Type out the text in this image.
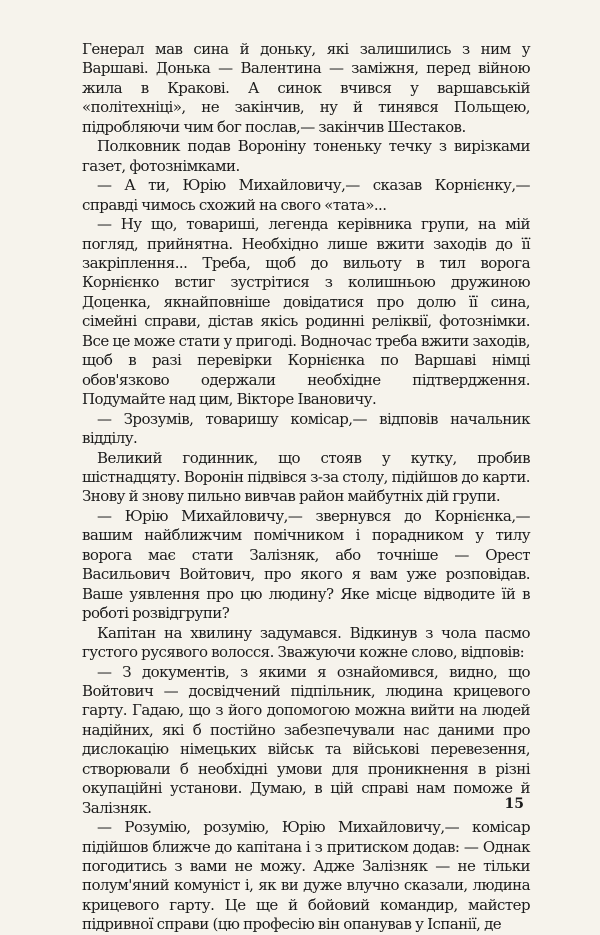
Генерал мав сина й доньку, які залишились з ним у Варшаві. Донька — Валентина — заміжня, перед війною жила в Кракові. А синок вчився у варшавській «політехніці», не закінчив, ну й тинявся Польщею, підробляючи чим бог послав,— закінчив Шестаков.

Полковник подав Вороніну тоненьку течку з вирізками газет, фотознімками.

— А ти, Юрію Михайловичу,— сказав Корнієнку,— справді чимось схожий на свого «тата»...

— Ну що, товариші, легенда керівника групи, на мій погляд, прийнятна. Необхідно лише вжити заходів до її закріплення... Треба, щоб до вильоту в тил ворога Корнієнко встиг зустрітися з колишньою дружиною Доценка, якнайповніше довідатися про долю її сина, сімейні справи, дістав якісь родинні реліквії, фотознімки. Все це може стати у пригоді. Водночас треба вжити заходів, щоб в разі перевірки Корнієнка по Варшаві німці обов'язково одержали необхідне підтвердження. Подумайте над цим, Вікторе Івановичу.

— Зрозумів, товаришу комісар,— відповів начальник відділу.

Великий годинник, що стояв у кутку, пробив шістнадцяту. Воронін підвівся з-за столу, підійшов до карти. Знову й знову пильно вивчав район майбутніх дій групи.

— Юрію Михайловичу,— звернувся до Корнієнка,— вашим найближчим помічником і порадником у тилу ворога має стати Залізняк, або точніше — Орест Васильович Войтович, про якого я вам уже розповідав. Ваше уявлення про цю людину? Яке місце відводите їй в роботі розвідгрупи?

Капітан на хвилину задумався. Відкинув з чола пасмо густого русявого волосся. Зважуючи кожне слово, відповів:

— З документів, з якими я ознайомився, видно, що Войтович — досвідчений підпільник, людина крицевого гарту. Гадаю, що з його допомогою можна вийти на людей надійних, які б постійно забезпечували нас даними про дислокацію німецьких військ та військові перевезення, створювали б необхідні умови для проникнення в різні окупаційні установи. Думаю, в цій справі нам поможе й Залізняк.

— Розумію, розумію, Юрію Михайловичу,— комісар підійшов ближче до капітана і з притиском додав: — Однак погодитись з вами не можу. Адже Залізняк — не тільки полум'яний комуніст і, як ви дуже влучно сказали, людина крицевого гарту. Це ще й бойовий командир, майстер підривної справи (цю професію він опанував у Іспанії, де

15
